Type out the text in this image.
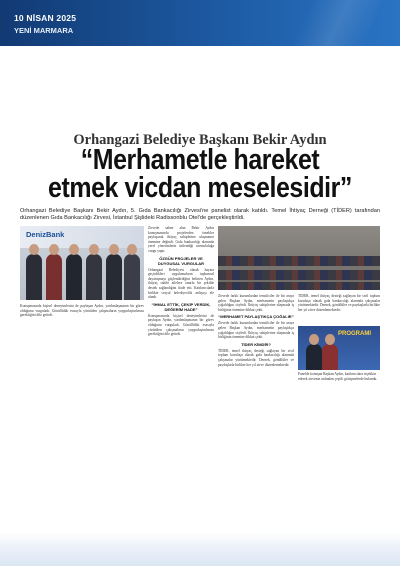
10 NİSAN 2025
YENİ MARMARA
Orhangazi Belediye Başkanı Bekir Aydın
“Merhametle hareket etmek vicdan meselesidir”
Orhangazi Belediye Başkanı Bekir Aydın, 5. Gıda Bankacılığı Zirvesi'ne panelist olarak katıldı. Temel İhtiyaç Derneği (TİDER) tarafından düzenlenen Gıda Bankacılığı Zirvesi, İstanbul Şişlideki Radissonblu Otel'de gerçekleştirildi.
DenizBank
Zirvede sahne alan Bekir Aydın konuşmasında projelerden örnekler paylaşarak ihtiyaç sahiplerine ulaşmanın önemine değindi. Gıda bankacılığı alanında yerel yönetimlerin üstlendiği sorumluluğa vurgu yaptı.
ÖZGÜN PROJELER VE DUYGUSAL VURGULAR
Orhangazi Belediyesi olarak hayata geçirdikleri uygulamaların toplumsal dayanışmayı güçlendirdiğini belirten Aydın, ihtiyaç sahibi ailelere onurlu bir şekilde destek sağlandığını ifade etti. Katılımcılarla birlikte sosyal belediyecilik anlayışı ele alındı.
“İHMAL ETTİK, ÇEKİP VERDİK, DEĞERİM HADE”
Konuşmasında kişisel deneyimlerini de paylaşan Aydın, yardımlaşmanın bir görev olduğunu vurguladı. Gönüllülük esasıyla yürütülen çalışmaların yaygınlaştırılması gerektiğini dile getirdi.
Konuşmasında kişisel deneyimlerini de paylaşan Aydın, yardımlaşmanın bir görev olduğunu vurguladı. Gönüllülük esasıyla yürütülen çalışmaların yaygınlaştırılması gerektiğini dile getirdi.
Zirvede farklı kurumlardan temsilciler ile bir araya gelen Başkan Aydın, merhametin paylaştıkça çoğaldığını söyledi. İhtiyaç sahiplerine ulaşmada iş birliğinin önemine dikkat çekti.
“MERHAMET PAYLAŞTIKÇA ÇOĞALIR”
Zirvede farklı kurumlardan temsilciler ile bir araya gelen Başkan Aydın, merhametin paylaştıkça çoğaldığını söyledi. İhtiyaç sahiplerine ulaşmada iş birliğinin önemine dikkat çekti.
TİDER KİMDİR?
TİDER, temel ihtiyaç desteği sağlayan bir sivil toplum kuruluşu olarak gıda bankacılığı alanında çalışmalar yürütmektedir. Dernek, gönüllüler ve paydaşlarla birlikte her yıl zirve düzenlemektedir.
TİDER, temel ihtiyaç desteği sağlayan bir sivil toplum kuruluşu olarak gıda bankacılığı alanında çalışmalar yürütmektedir. Dernek, gönüllüler ve paydaşlarla birlikte her yıl zirve düzenlemektedir.
PROGRAMI
Panelde konuşan Başkan Aydın, katılımcılara teşekkür ederek zirvenin ardından çeşitli görüşmelerde bulundu.
